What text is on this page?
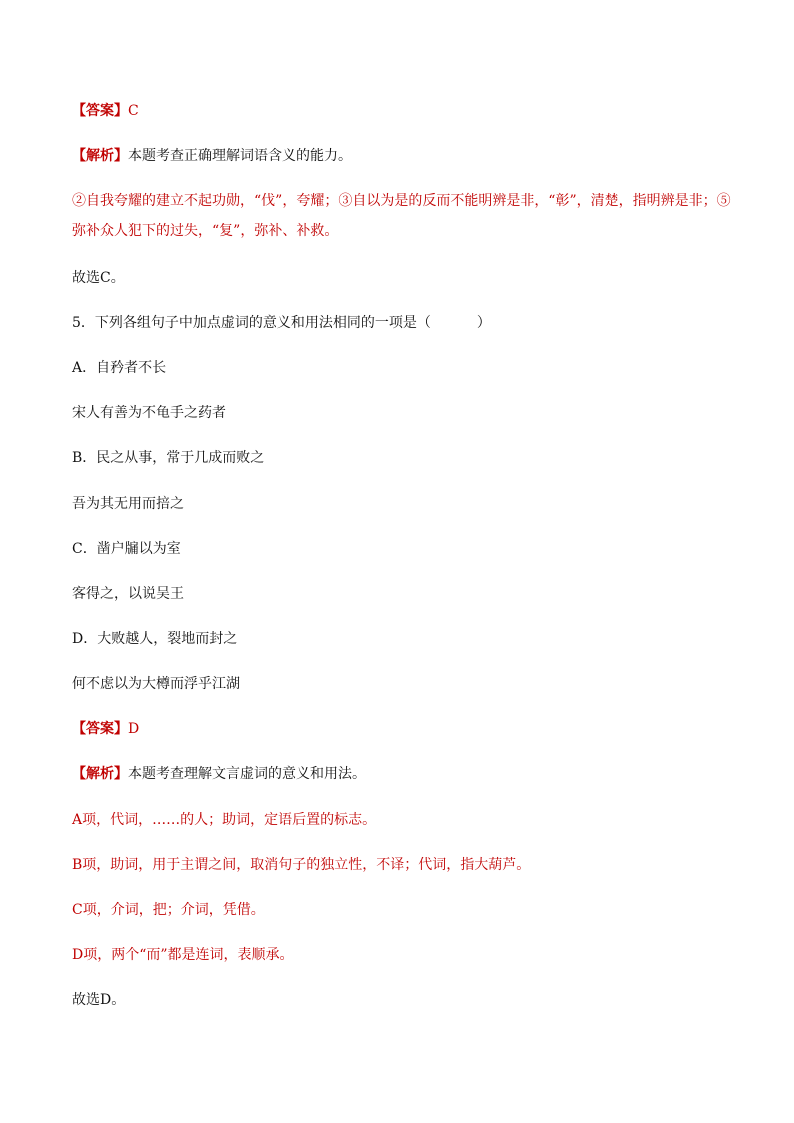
【答案】C
【解析】本题考查正确理解词语含义的能力。
②自我夸耀的建立不起功勋，“伐”，夸耀；③自以为是的反而不能明辨是非，“彰”，清楚，指明辨是非；⑤弥补众人犯下的过失，“复”，弥补、补救。
故选C。
5．下列各组句子中加点虚词的意义和用法相同的一项是（	）
A．自矜者不长
宋人有善为不龟手之药者
B．民之从事，常于几成而败之
吾为其无用而掊之
C．凿户牖以为室
客得之，以说吴王
D．大败越人，裂地而封之
何不虑以为大樽而浮乎江湖
【答案】D
【解析】本题考查理解文言虚词的意义和用法。
A项，代词，……的人；助词，定语后置的标志。
B项，助词，用于主谓之间，取消句子的独立性，不译；代词，指大葫芦。
C项，介词，把；介词，凭借。
D项，两个“而”都是连词，表顺承。
故选D。
